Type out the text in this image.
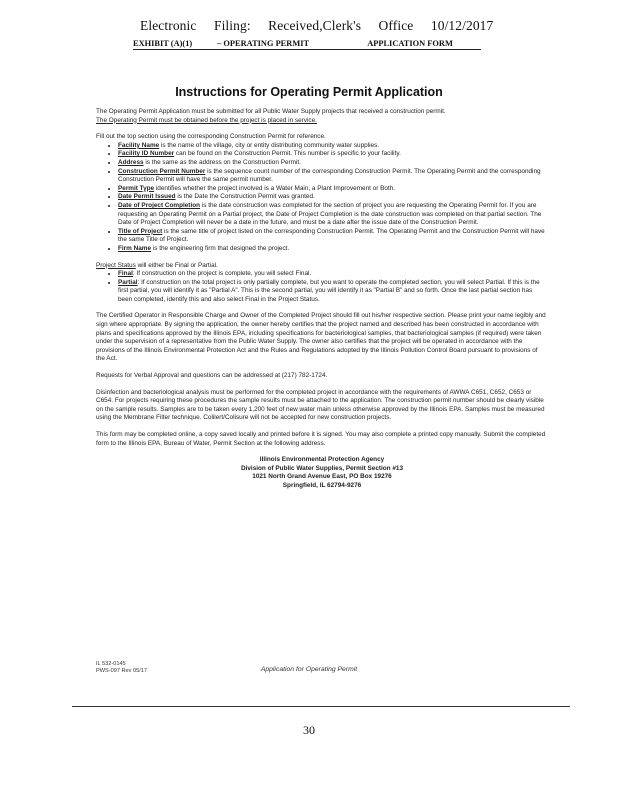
Electronic Filing: Received,Clerk's Office 10/12/2017
EXHIBIT (A)(1)	– OPERATING PERMIT	APPLICATION FORM
Instructions for Operating Permit Application

The Operating Permit Application must be submitted for all Public Water Supply projects that received a construction permit.
The Operating Permit must be obtained before the project is placed in service.

Fill out the top section using the corresponding Construction Permit for reference.
• Facility Name is the name of the village, city or entity distributing community water supplies.
• Facility ID Number can be found on the Construction Permit. This number is specific to your facility.
• Address is the same as the address on the Construction Permit.
• Construction Permit Number is the sequence count number of the corresponding Construction Permit. The Operating Permit and the corresponding Construction Permit will have the same permit number.
• Permit Type identifies whether the project involved is a Water Main, a Plant Improvement or Both.
• Date Permit Issued is the Date the Construction Permit was granted.
• Date of Project Completion is the date construction was completed for the section of project you are requesting the Operating Permit for. If you are requesting an Operating Permit on a Partial project, the Date of Project Completion is the date construction was completed on that partial section. The Date of Project Completion will never be a date in the future, and must be a date after the issue date of the Construction Permit.
• Title of Project is the same title of project listed on the corresponding Construction Permit. The Operating Permit and the Construction Permit will have the same Title of Project.
• Firm Name is the engineering firm that designed the project.
Project Status will either be Final or Partial.
• Final: If construction on the project is complete, you will select Final.
• Partial: If construction on the total project is only partially complete, but you want to operate the completed section, you will select Partial. If this is the first partial, you will identify it as "Partial A". This is the second partial, you will identify it as "Partial B" and so forth. Once the last partial section has been completed, identify this and also select Final in the Project Status.

The Certified Operator in Responsible Charge and Owner of the Completed Project should fill out his/her respective section. Please print your name legibly and sign where appropriate. By signing the application, the owner hereby certifies that the project named and described has been constructed in accordance with plans and specifications approved by the Illinois EPA, including specifications for bacteriological samples, that bacteriological samples (if required) were taken under the supervision of a representative from the Public Water Supply. The owner also certifies that the project will be operated in accordance with the provisions of the Illinois Environmental Protection Act and the Rules and Regulations adopted by the Illinois Pollution Control Board pursuant to provisions of the Act.

Requests for Verbal Approval and questions can be addressed at (217) 782-1724.

Disinfection and bacteriological analysis must be performed for the completed project in accordance with the requirements of AWWA C651, C652, C653 or C654. For projects requiring these procedures the sample results must be attached to the application. The construction permit number should be clearly visible on the sample results. Samples are to be taken every 1,200 feet of new water main unless otherwise approved by the Illinois EPA. Samples must be measured using the Membrane Filter technique. Colilert/Colisure will not be accepted for new construction projects.

This form may be completed online, a copy saved locally and printed before it is signed. You may also complete a printed copy manually. Submit the completed form to the Illinois EPA, Bureau of Water, Permit Section at the following address.

Illinois Environmental Protection Agency
Division of Public Water Supplies, Permit Section #13
1021 North Grand Avenue East, PO Box 19276
Springfield, IL 62794-9276
IL 532-0145
PWS-097 Rev 05/17	Application for Operating Permit
30
